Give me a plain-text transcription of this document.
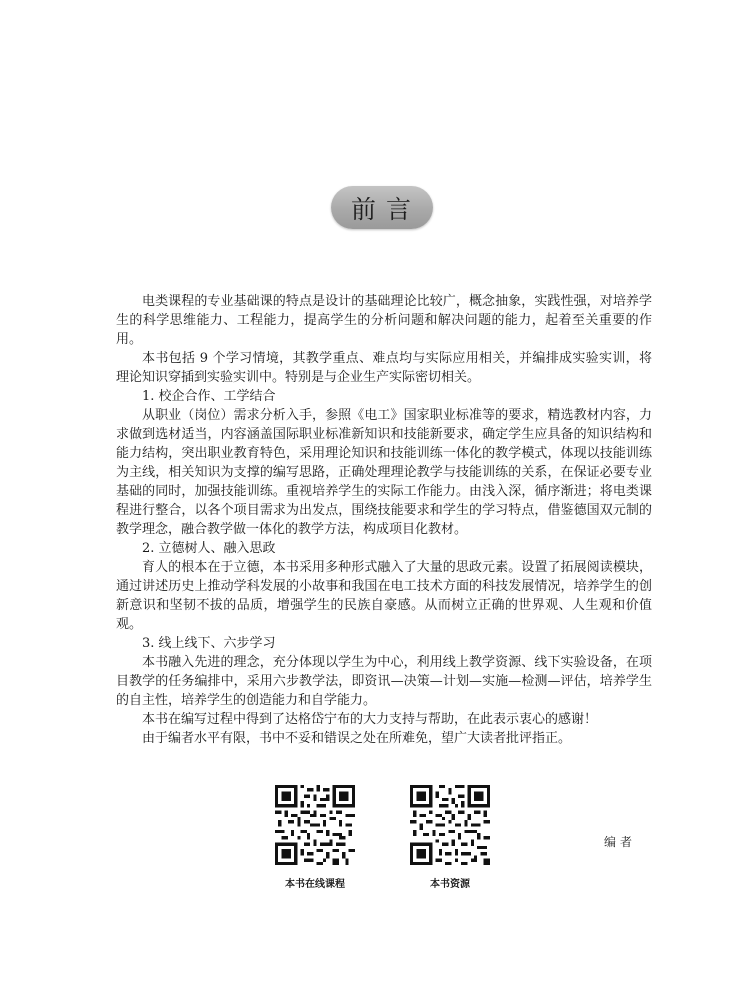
前言

电类课程的专业基础课的特点是设计的基础理论比较广，概念抽象，实践性强，对培养学生的科学思维能力、工程能力，提高学生的分析问题和解决问题的能力，起着至关重要的作用。

本书包括 9 个学习情境，其教学重点、难点均与实际应用相关，并编排成实验实训，将理论知识穿插到实验实训中。特别是与企业生产实际密切相关。

1. 校企合作、工学结合

从职业（岗位）需求分析入手，参照《电工》国家职业标准等的要求，精选教材内容，力求做到选材适当，内容涵盖国际职业标准新知识和技能新要求，确定学生应具备的知识结构和能力结构，突出职业教育特色，采用理论知识和技能训练一体化的教学模式，体现以技能训练为主线，相关知识为支撑的编写思路，正确处理理论教学与技能训练的关系，在保证必要专业基础的同时，加强技能训练。重视培养学生的实际工作能力。由浅入深，循序渐进；将电类课程进行整合，以各个项目需求为出发点，围绕技能要求和学生的学习特点，借鉴德国双元制的教学理念，融合教学做一体化的教学方法，构成项目化教材。

2. 立德树人、融入思政

育人的根本在于立德，本书采用多种形式融入了大量的思政元素。设置了拓展阅读模块，通过讲述历史上推动学科发展的小故事和我国在电工技术方面的科技发展情况，培养学生的创新意识和坚韧不拔的品质，增强学生的民族自豪感。从而树立正确的世界观、人生观和价值观。

3. 线上线下、六步学习

本书融入先进的理念，充分体现以学生为中心，利用线上教学资源、线下实验设备，在项目教学的任务编排中，采用六步教学法，即资讯—决策—计划—实施—检测—评估，培养学生的自主性，培养学生的创造能力和自学能力。

本书在编写过程中得到了达格岱宁布的大力支持与帮助，在此表示衷心的感谢！

由于编者水平有限，书中不妥和错误之处在所难免，望广大读者批评指正。

本书在线课程	本书资源
编者
